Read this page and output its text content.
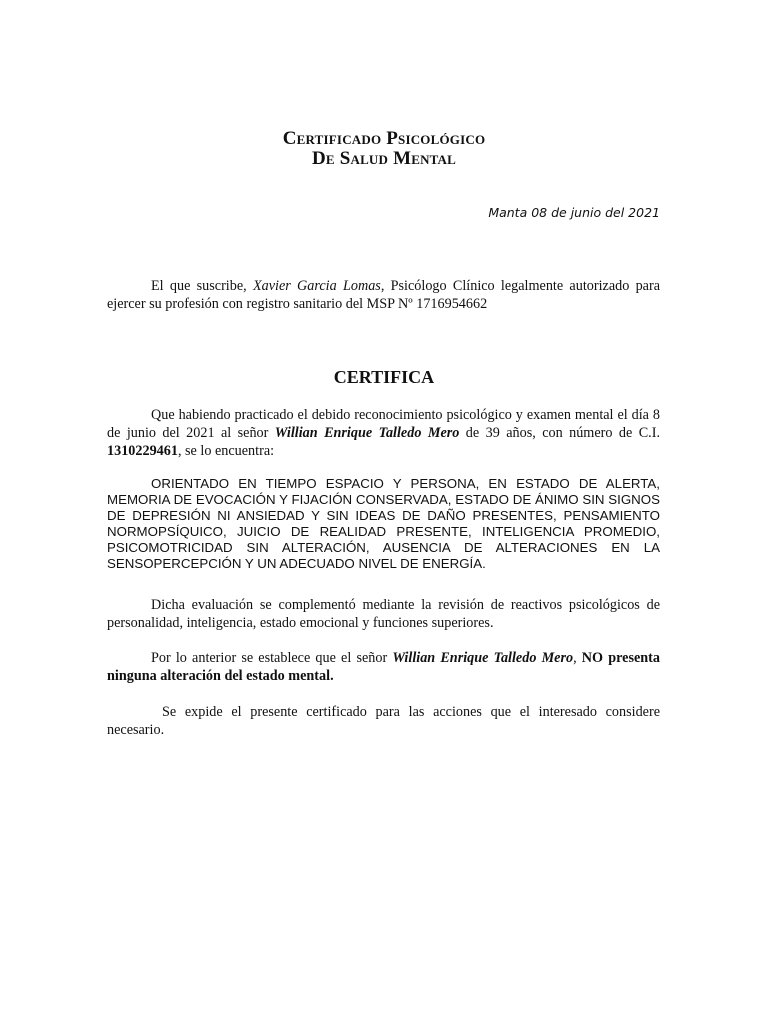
Certificado Psicológico
De Salud Mental
Manta 08 de junio del 2021

El que suscribe, Xavier Garcia Lomas, Psicólogo Clínico legalmente autorizado para ejercer su profesión con registro sanitario del MSP Nº 1716954662

CERTIFICA

Que habiendo practicado el debido reconocimiento psicológico y examen mental el día 8 de junio del 2021 al señor Willian Enrique Talledo Mero de 39 años, con número de C.I. 1310229461, se lo encuentra:

ORIENTADO EN TIEMPO ESPACIO Y PERSONA, EN ESTADO DE ALERTA, MEMORIA DE EVOCACIÓN Y FIJACIÓN CONSERVADA, ESTADO DE ÁNIMO SIN SIGNOS DE DEPRESIÓN NI ANSIEDAD Y SIN IDEAS DE DAÑO PRESENTES, PENSAMIENTO NORMOPSÍQUICO, JUICIO DE REALIDAD PRESENTE, INTELIGENCIA PROMEDIO, PSICOMOTRICIDAD SIN ALTERACIÓN, AUSENCIA DE ALTERACIONES EN LA SENSOPERCEPCIÓN Y UN ADECUADO NIVEL DE ENERGÍA.

Dicha evaluación se complementó mediante la revisión de reactivos psicológicos de personalidad, inteligencia, estado emocional y funciones superiores.

Por lo anterior se establece que el señor Willian Enrique Talledo Mero, NO presenta ninguna alteración del estado mental.

Se expide el presente certificado para las acciones que el interesado considere necesario.
